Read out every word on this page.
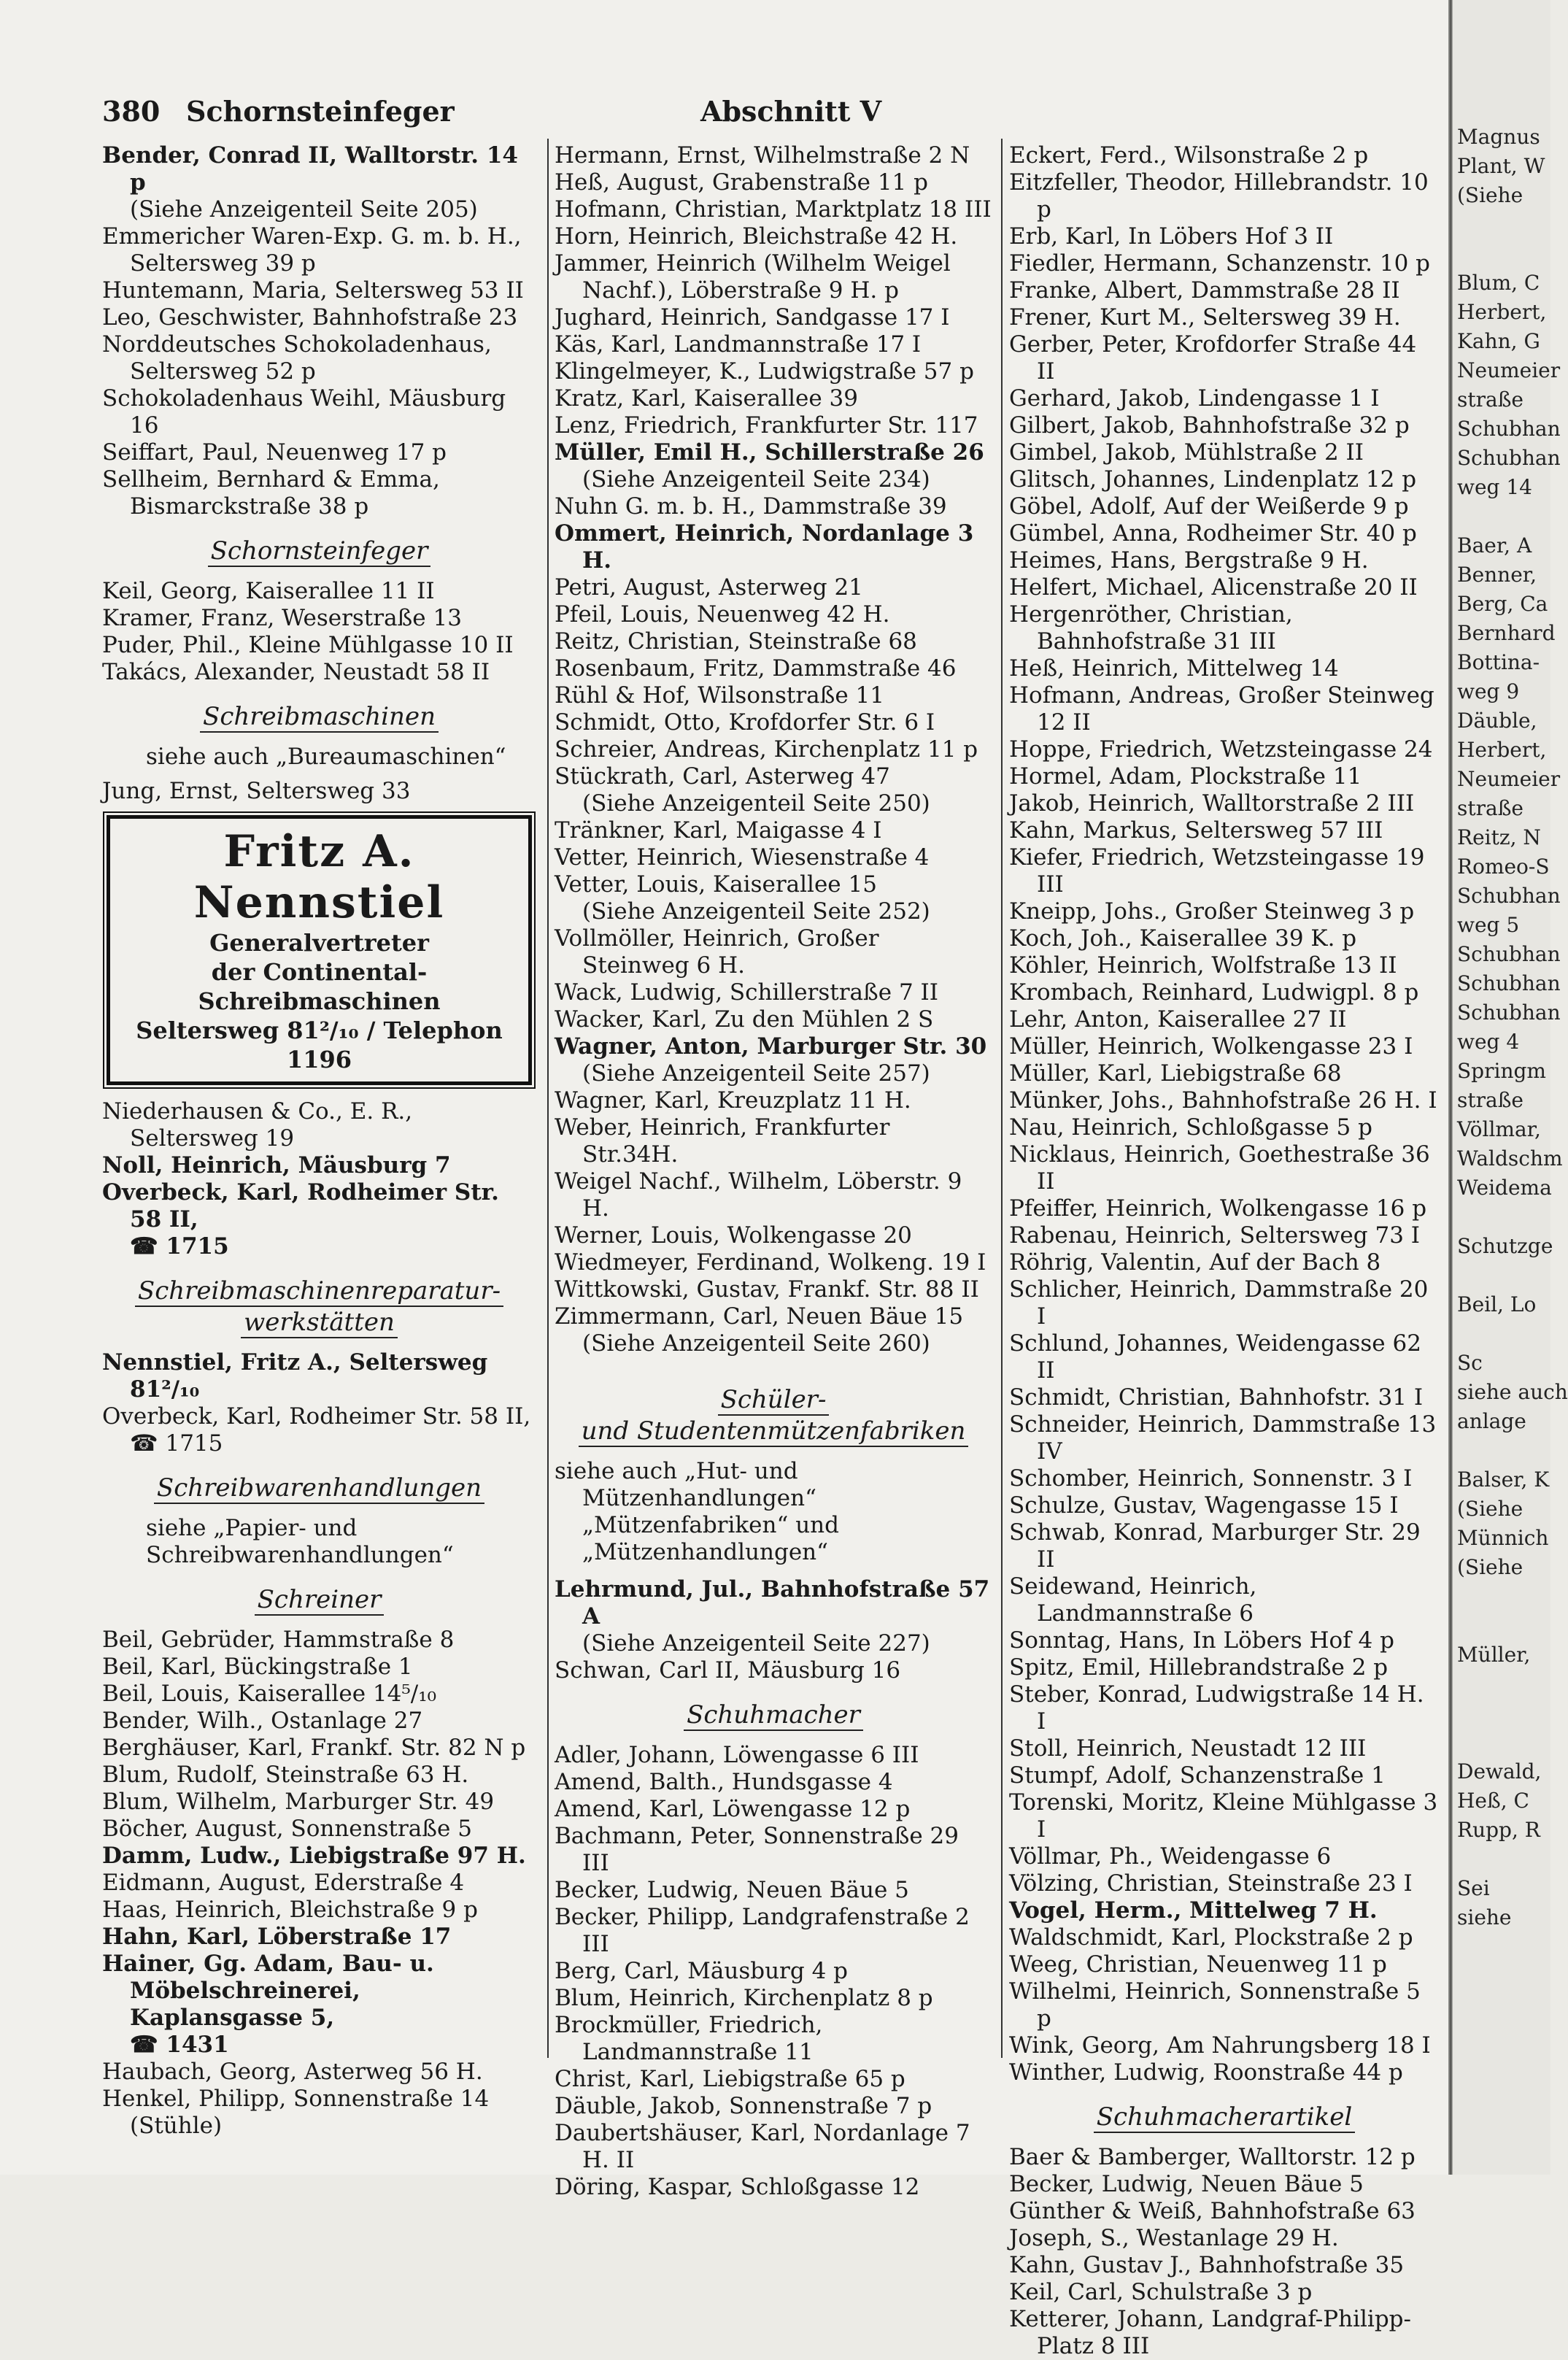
380 Schornsteinfeger	Abschnitt V

Bender, Conrad II, Walltorstr. 14 p

(Siehe Anzeigenteil Seite 205)

Emmericher Waren-Exp. G. m. b. H., Seltersweg 39 p

Huntemann, Maria, Seltersweg 53 II

Leo, Geschwister, Bahnhofstraße 23

Norddeutsches Schokoladenhaus, Seltersweg 52 p

Schokoladenhaus Weihl, Mäusburg 16

Seiffart, Paul, Neuenweg 17 p

Sellheim, Bernhard & Emma, Bismarckstraße 38 p

Schornsteinfeger

Keil, Georg, Kaiserallee 11 II

Kramer, Franz, Weserstraße 13

Puder, Phil., Kleine Mühlgasse 10 II

Takács, Alexander, Neustadt 58 II

Schreibmaschinen

siehe auch „Bureaumaschinen“

Jung, Ernst, Seltersweg 33

Fritz A. Nennstiel
Generalvertreter
der Continental-Schreibmaschinen
Seltersweg 81²/₁₀ / Telephon 1196

Niederhausen & Co., E. R., Seltersweg 19

Noll, Heinrich, Mäusburg 7

Overbeck, Karl, Rodheimer Str. 58 II,

☎ 1715

Schreibmaschinenreparatur-
werkstätten

Nennstiel, Fritz A., Seltersweg 81²/₁₀

Overbeck, Karl, Rodheimer Str. 58 II,

☎ 1715

Schreibwarenhandlungen

siehe „Papier- und Schreibwarenhandlungen“

Schreiner

Beil, Gebrüder, Hammstraße 8

Beil, Karl, Bückingstraße 1

Beil, Louis, Kaiserallee 14⁵/₁₀

Bender, Wilh., Ostanlage 27

Berghäuser, Karl, Frankf. Str. 82 N p

Blum, Rudolf, Steinstraße 63 H.

Blum, Wilhelm, Marburger Str. 49

Böcher, August, Sonnenstraße 5

Damm, Ludw., Liebigstraße 97 H.

Eidmann, August, Ederstraße 4

Haas, Heinrich, Bleichstraße 9 p

Hahn, Karl, Löberstraße 17

Hainer, Gg. Adam, Bau- u. Möbelschreinerei, Kaplansgasse 5,

☎ 1431

Haubach, Georg, Asterweg 56 H.

Henkel, Philipp, Sonnenstraße 14

(Stühle)

Hermann, Ernst, Wilhelmstraße 2 N

Heß, August, Grabenstraße 11 p

Hofmann, Christian, Marktplatz 18 III

Horn, Heinrich, Bleichstraße 42 H.

Jammer, Heinrich (Wilhelm Weigel Nachf.), Löberstraße 9 H. p

Jughard, Heinrich, Sandgasse 17 I

Käs, Karl, Landmannstraße 17 I

Klingelmeyer, K., Ludwigstraße 57 p

Kratz, Karl, Kaiserallee 39

Lenz, Friedrich, Frankfurter Str. 117

Müller, Emil H., Schillerstraße 26

(Siehe Anzeigenteil Seite 234)

Nuhn G. m. b. H., Dammstraße 39

Ommert, Heinrich, Nordanlage 3 H.

Petri, August, Asterweg 21

Pfeil, Louis, Neuenweg 42 H.

Reitz, Christian, Steinstraße 68

Rosenbaum, Fritz, Dammstraße 46

Rühl & Hof, Wilsonstraße 11

Schmidt, Otto, Krofdorfer Str. 6 I

Schreier, Andreas, Kirchenplatz 11 p

Stückrath, Carl, Asterweg 47

(Siehe Anzeigenteil Seite 250)

Tränkner, Karl, Maigasse 4 I

Vetter, Heinrich, Wiesenstraße 4

Vetter, Louis, Kaiserallee 15

(Siehe Anzeigenteil Seite 252)

Vollmöller, Heinrich, Großer Steinweg 6 H.

Wack, Ludwig, Schillerstraße 7 II

Wacker, Karl, Zu den Mühlen 2 S

Wagner, Anton, Marburger Str. 30

(Siehe Anzeigenteil Seite 257)

Wagner, Karl, Kreuzplatz 11 H.

Weber, Heinrich, Frankfurter Str.34H.

Weigel Nachf., Wilhelm, Löberstr. 9 H.

Werner, Louis, Wolkengasse 20

Wiedmeyer, Ferdinand, Wolkeng. 19 I

Wittkowski, Gustav, Frankf. Str. 88 II

Zimmermann, Carl, Neuen Bäue 15

(Siehe Anzeigenteil Seite 260)

Schüler-
und Studentenmützenfabriken

siehe auch „Hut- und Mützenhandlungen“ „Mützenfabriken“ und „Mützenhandlungen“

Lehrmund, Jul., Bahnhofstraße 57 A

(Siehe Anzeigenteil Seite 227)

Schwan, Carl II, Mäusburg 16

Schuhmacher

Adler, Johann, Löwengasse 6 III

Amend, Balth., Hundsgasse 4

Amend, Karl, Löwengasse 12 p

Bachmann, Peter, Sonnenstraße 29 III

Becker, Ludwig, Neuen Bäue 5

Becker, Philipp, Landgrafenstraße 2 III

Berg, Carl, Mäusburg 4 p

Blum, Heinrich, Kirchenplatz 8 p

Brockmüller, Friedrich, Landmannstraße 11

Christ, Karl, Liebigstraße 65 p

Däuble, Jakob, Sonnenstraße 7 p

Daubertshäuser, Karl, Nordanlage 7 H. II

Döring, Kaspar, Schloßgasse 12

Eckert, Ferd., Wilsonstraße 2 p

Eitzfeller, Theodor, Hillebrandstr. 10 p

Erb, Karl, In Löbers Hof 3 II

Fiedler, Hermann, Schanzenstr. 10 p

Franke, Albert, Dammstraße 28 II

Frener, Kurt M., Seltersweg 39 H.

Gerber, Peter, Krofdorfer Straße 44 II

Gerhard, Jakob, Lindengasse 1 I

Gilbert, Jakob, Bahnhofstraße 32 p

Gimbel, Jakob, Mühlstraße 2 II

Glitsch, Johannes, Lindenplatz 12 p

Göbel, Adolf, Auf der Weißerde 9 p

Gümbel, Anna, Rodheimer Str. 40 p

Heimes, Hans, Bergstraße 9 H.

Helfert, Michael, Alicenstraße 20 II

Hergenröther, Christian, Bahnhofstraße 31 III

Heß, Heinrich, Mittelweg 14

Hofmann, Andreas, Großer Steinweg 12 II

Hoppe, Friedrich, Wetzsteingasse 24

Hormel, Adam, Plockstraße 11

Jakob, Heinrich, Walltorstraße 2 III

Kahn, Markus, Seltersweg 57 III

Kiefer, Friedrich, Wetzsteingasse 19 III

Kneipp, Johs., Großer Steinweg 3 p

Koch, Joh., Kaiserallee 39 K. p

Köhler, Heinrich, Wolfstraße 13 II

Krombach, Reinhard, Ludwigpl. 8 p

Lehr, Anton, Kaiserallee 27 II

Müller, Heinrich, Wolkengasse 23 I

Müller, Karl, Liebigstraße 68

Münker, Johs., Bahnhofstraße 26 H. I

Nau, Heinrich, Schloßgasse 5 p

Nicklaus, Heinrich, Goethestraße 36 II

Pfeiffer, Heinrich, Wolkengasse 16 p

Rabenau, Heinrich, Seltersweg 73 I

Röhrig, Valentin, Auf der Bach 8

Schlicher, Heinrich, Dammstraße 20 I

Schlund, Johannes, Weidengasse 62 II

Schmidt, Christian, Bahnhofstr. 31 I

Schneider, Heinrich, Dammstraße 13 IV

Schomber, Heinrich, Sonnenstr. 3 I

Schulze, Gustav, Wagengasse 15 I

Schwab, Konrad, Marburger Str. 29 II

Seidewand, Heinrich, Landmannstraße 6

Sonntag, Hans, In Löbers Hof 4 p

Spitz, Emil, Hillebrandstraße 2 p

Steber, Konrad, Ludwigstraße 14 H. I

Stoll, Heinrich, Neustadt 12 III

Stumpf, Adolf, Schanzenstraße 1

Torenski, Moritz, Kleine Mühlgasse 3 I

Völlmar, Ph., Weidengasse 6

Völzing, Christian, Steinstraße 23 I

Vogel, Herm., Mittelweg 7 H.

Waldschmidt, Karl, Plockstraße 2 p

Weeg, Christian, Neuenweg 11 p

Wilhelmi, Heinrich, Sonnenstraße 5 p

Wink, Georg, Am Nahrungsberg 18 I

Winther, Ludwig, Roonstraße 44 p

Schuhmacherartikel

Baer & Bamberger, Walltorstr. 12 p

Becker, Ludwig, Neuen Bäue 5

Günther & Weiß, Bahnhofstraße 63

Joseph, S., Westanlage 29 H.

Kahn, Gustav J., Bahnhofstraße 35

Keil, Carl, Schulstraße 3 p

Ketterer, Johann, Landgraf-Philipp-Platz 8 III

Magnus
Plant, W
(Siehe
Blum, C
Herbert,
Kahn, G
Neumeier
straße
Schubhan
Schubhan
weg 14
Baer, A
Benner,
Berg, Ca
Bernhard
Bottina-
weg 9
Däuble,
Herbert,
Neumeier
straße
Reitz, N
Romeo-S
Schubhan
weg 5
Schubhan
Schubhan
Schubhan
weg 4
Springm
straße
Völlmar,
Waldschm
Weidema
Schutzge
Beil, Lo
Sc
siehe auch
anlage
Balser, K
(Siehe
Münnich
(Siehe
Müller,
Dewald,
Heß, C
Rupp, R
Sei
siehe
